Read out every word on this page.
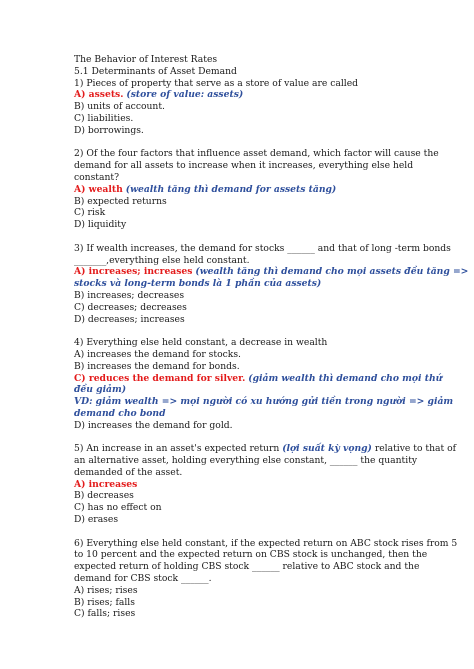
The Behavior of Interest Rates
5.1 Determinants of Asset Demand
1) Pieces of property that serve as a store of value are called
A) assets. (store of value: assets)
B) units of account.
C) liabilities.
D) borrowings.
2) Of the four factors that influence asset demand, which factor will cause the
demand for all assets to increase when it increases, everything else held
constant?
A) wealth (wealth tăng thì demand for assets tăng)
B) expected returns
C) risk
D) liquidity
3) If wealth increases, the demand for stocks ______ and that of long -term bonds
_______,everything else held constant.
A) increases; increases (wealth tăng thì demand cho mọi assets đều tăng =>
stocks và long-term bonds là 1 phần của assets)
B) increases; decreases
C) decreases; decreases
D) decreases; increases
4) Everything else held constant, a decrease in wealth
A) increases the demand for stocks.
B) increases the demand for bonds.
C) reduces the demand for silver. (giảm wealth thì demand cho mọi thứ
đều giảm)
VD: giảm wealth => mọi người có xu hướng gửi tiền trong người => giảm
demand cho bond
D) increases the demand for gold.
5) An increase in an asset's expected return (lợi suất kỳ vọng) relative to that of
an alternative asset, holding everything else constant, ______ the quantity
demanded of the asset.
A) increases
B) decreases
C) has no effect on
D) erases
6) Everything else held constant, if the expected return on ABC stock rises from 5
to 10 percent and the expected return on CBS stock is unchanged, then the
expected return of holding CBS stock ______ relative to ABC stock and the
demand for CBS stock ______.
A) rises; rises
B) rises; falls
C) falls; rises
